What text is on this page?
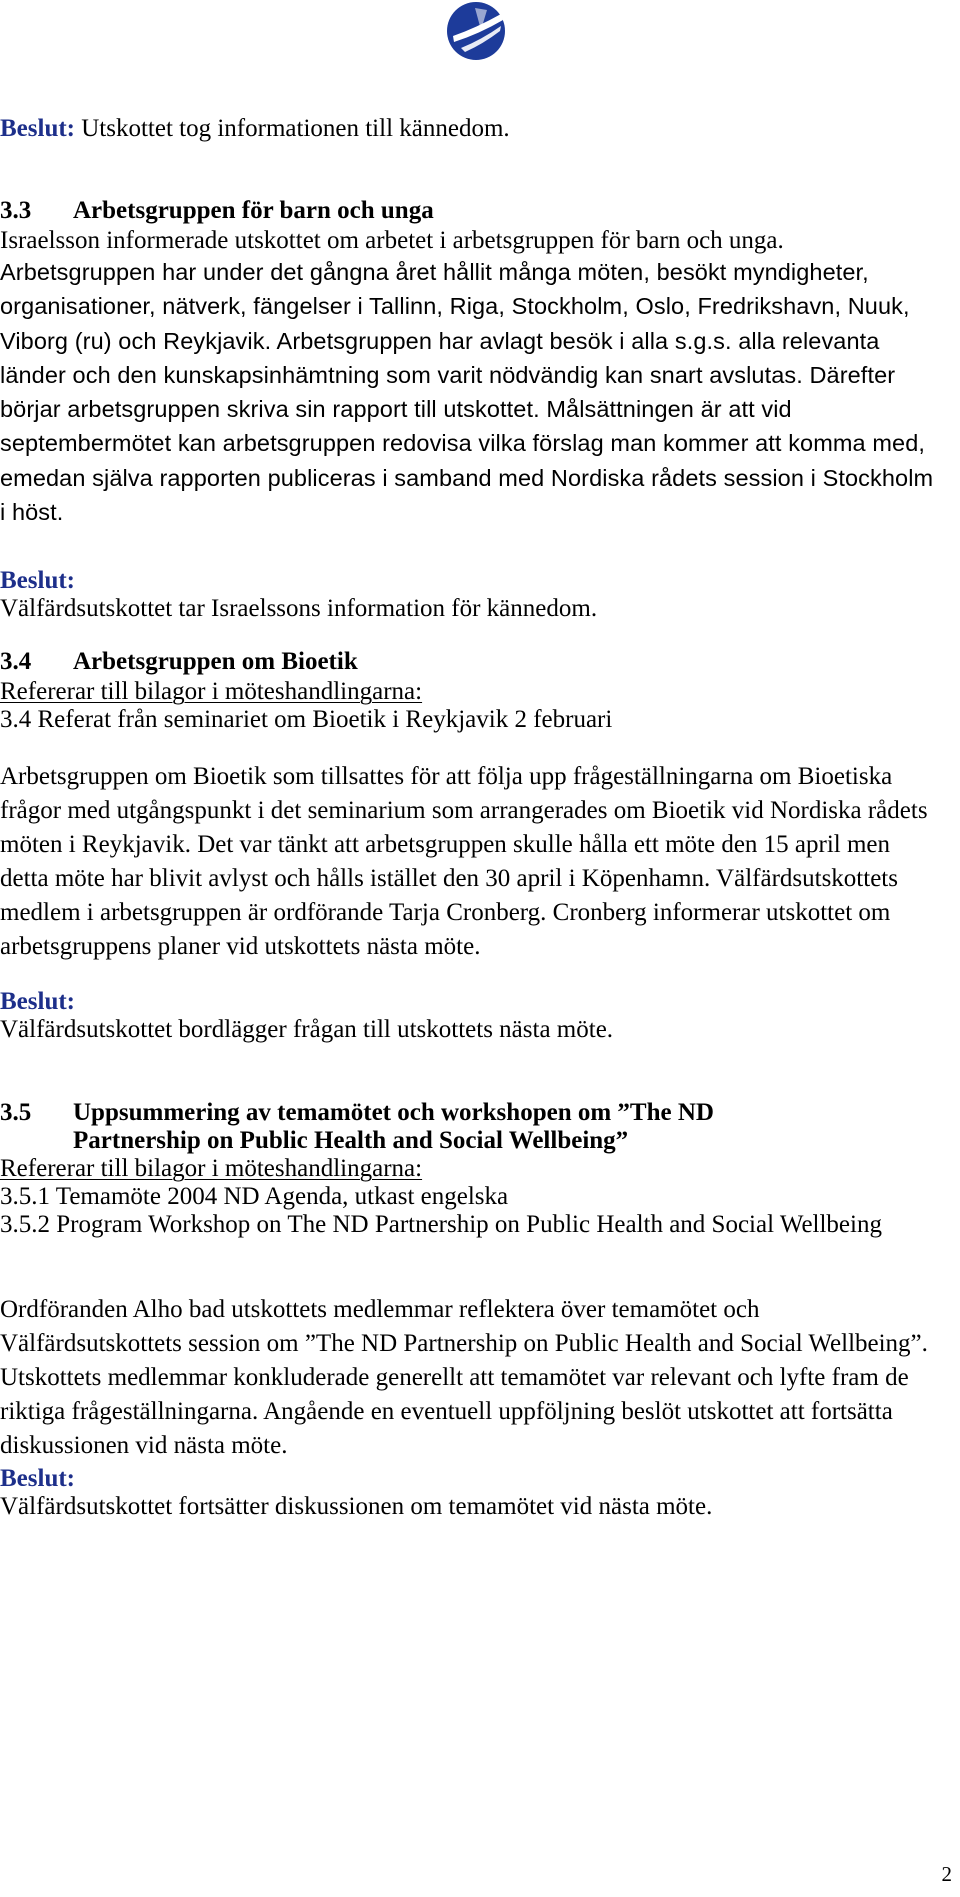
Beslut: Utskottet tog informationen till kännedom.

3.3 Arbetsgruppen för barn och unga

Israelsson informerade utskottet om arbetet i arbetsgruppen för barn och unga.

Arbetsgruppen har under det gångna året hållit många möten, besökt myndigheter, organisationer, nätverk, fängelser i Tallinn, Riga, Stockholm, Oslo, Fredrikshavn, Nuuk, Viborg (ru) och Reykjavik. Arbetsgruppen har avlagt besök i alla s.g.s. alla relevanta länder och den kunskapsinhämtning som varit nödvändig kan snart avslutas. Därefter börjar arbetsgruppen skriva sin rapport till utskottet. Målsättningen är att vid septembermötet kan arbetsgruppen redovisa vilka förslag man kommer att komma med, emedan själva rapporten publiceras i samband med Nordiska rådets session i Stockholm i höst.

Beslut:

Välfärdsutskottet tar Israelssons information för kännedom.

3.4 Arbetsgruppen om Bioetik

Refererar till bilagor i möteshandlingarna:

3.4 Referat från seminariet om Bioetik i Reykjavik 2 februari

Arbetsgruppen om Bioetik som tillsattes för att följa upp frågeställningarna om Bioetiska frågor med utgångspunkt i det seminarium som arrangerades om Bioetik vid Nordiska rådets möten i Reykjavik. Det var tänkt att arbetsgruppen skulle hålla ett möte den 15 april men detta möte har blivit avlyst och hålls istället den 30 april i Köpenhamn. Välfärdsutskottets medlem i arbetsgruppen är ordförande Tarja Cronberg. Cronberg informerar utskottet om arbetsgruppens planer vid utskottets nästa möte.

Beslut:

Välfärdsutskottet bordlägger frågan till utskottets nästa möte.

3.5 Uppsummering av temamötet och workshopen om ”The ND

Partnership on Public Health and Social Wellbeing”

Refererar till bilagor i möteshandlingarna:

3.5.1 Temamöte 2004 ND Agenda, utkast engelska

3.5.2 Program Workshop on The ND Partnership on Public Health and Social Wellbeing

Ordföranden Alho bad utskottets medlemmar reflektera över temamötet och Välfärdsutskottets session om ”The ND Partnership on Public Health and Social Wellbeing”. Utskottets medlemmar konkluderade generellt att temamötet var relevant och lyfte fram de riktiga frågeställningarna. Angående en eventuell uppföljning beslöt utskottet att fortsätta diskussionen vid nästa möte.

Beslut:

Välfärdsutskottet fortsätter diskussionen om temamötet vid nästa möte.

2
